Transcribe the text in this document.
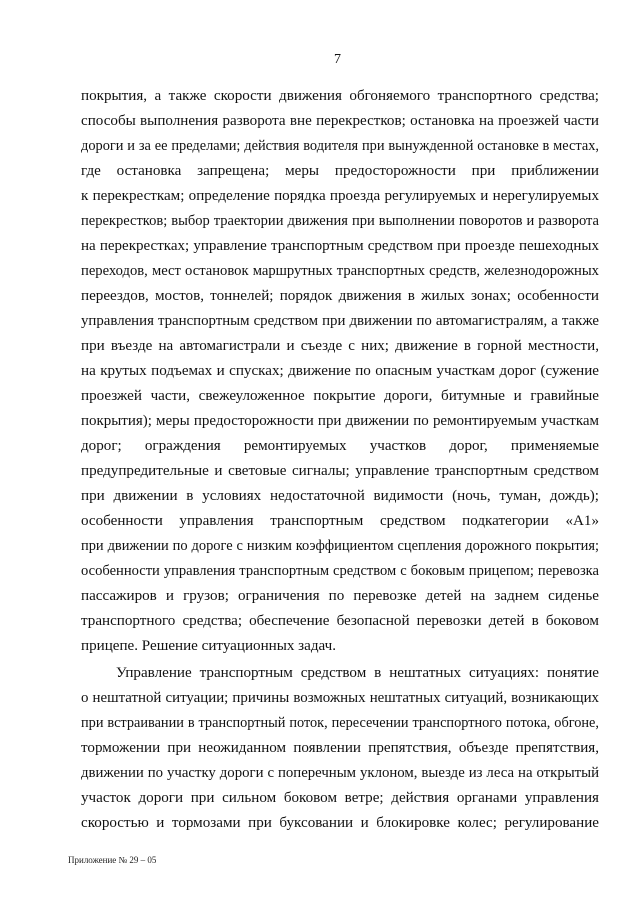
7
покрытия, а также скорости движения обгоняемого транспортного средства;
способы выполнения разворота вне перекрестков; остановка на проезжей части
дороги и за ее пределами; действия водителя при вынужденной остановке в местах,
где остановка запрещена; меры предосторожности при приближении
к перекресткам; определение порядка проезда регулируемых и нерегулируемых
перекрестков; выбор траектории движения при выполнении поворотов и разворота
на перекрестках; управление транспортным средством при проезде пешеходных
переходов, мест остановок маршрутных транспортных средств, железнодорожных
переездов, мостов, тоннелей; порядок движения в жилых зонах; особенности
управления транспортным средством при движении по автомагистралям, а также
при въезде на автомагистрали и съезде с них; движение в горной местности,
на крутых подъемах и спусках; движение по опасным участкам дорог (сужение
проезжей части, свежеуложенное покрытие дороги, битумные и гравийные
покрытия); меры предосторожности при движении по ремонтируемым участкам
дорог; ограждения ремонтируемых участков дорог, применяемые
предупредительные и световые сигналы; управление транспортным средством
при движении в условиях недостаточной видимости (ночь, туман, дождь);
особенности управления транспортным средством подкатегории «A1»
при движении по дороге с низким коэффициентом сцепления дорожного покрытия;
особенности управления транспортным средством с боковым прицепом; перевозка
пассажиров и грузов; ограничения по перевозке детей на заднем сиденье
транспортного средства; обеспечение безопасной перевозки детей в боковом
прицепе. Решение ситуационных задач.
Управление транспортным средством в нештатных ситуациях: понятие
о нештатной ситуации; причины возможных нештатных ситуаций, возникающих
при встраивании в транспортный поток, пересечении транспортного потока, обгоне,
торможении при неожиданном появлении препятствия, объезде препятствия,
движении по участку дороги с поперечным уклоном, выезде из леса на открытый
участок дороги при сильном боковом ветре; действия органами управления
скоростью и тормозами при буксовании и блокировке колес; регулирование
Приложение № 29 – 05
